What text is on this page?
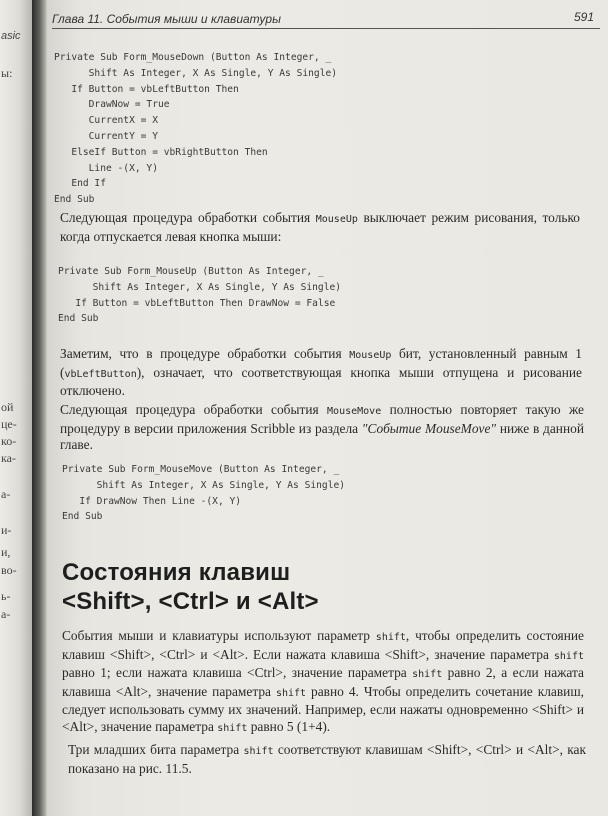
asic
ы:
ой
це-
ко-
ка-
а-
и-
и,
во-
ь-
а-
Глава 11. События мыши и клавиатуры	591
Private Sub Form_MouseDown (Button As Integer, _
Shift As Integer, X As Single, Y As Single)
If Button = vbLeftButton Then
DrawNow = True
CurrentX = X
CurrentY = Y
ElseIf Button = vbRightButton Then
Line -(X, Y)
End If
End Sub

Следующая процедура обработки события MouseUp выключает режим рисования, только когда отпускается левая кнопка мыши:

Private Sub Form_MouseUp (Button As Integer, _
Shift As Integer, X As Single, Y As Single)
If Button = vbLeftButton Then DrawNow = False
End Sub

Заметим, что в процедуре обработки события MouseUp бит, установленный равным 1 (vbLeftButton), означает, что соответствующая кнопка мыши отпущена и рисование отключено.

Следующая процедура обработки события MouseMove полностью повторяет такую же процедуру в версии приложения Scribble из раздела "Событие MouseMove" ниже в данной главе.

Private Sub Form_MouseMove (Button As Integer, _
Shift As Integer, X As Single, Y As Single)
If DrawNow Then Line -(X, Y)
End Sub
Состояния клавиш
<Shift>, <Ctrl> и <Alt>

События мыши и клавиатуры используют параметр shift, чтобы определить состояние клавиш <Shift>, <Ctrl> и <Alt>. Если нажата клавиша <Shift>, значение параметра shift равно 1; если нажата клавиша <Ctrl>, значение параметра shift равно 2, а если нажата клавиша <Alt>, значение параметра shift равно 4. Чтобы определить сочетание клавиш, следует использовать сумму их значений. Например, если нажаты одновременно <Shift> и <Alt>, значение параметра shift равно 5 (1+4).

Три младших бита параметра shift соответствуют клавишам <Shift>, <Ctrl> и <Alt>, как показано на рис. 11.5.
